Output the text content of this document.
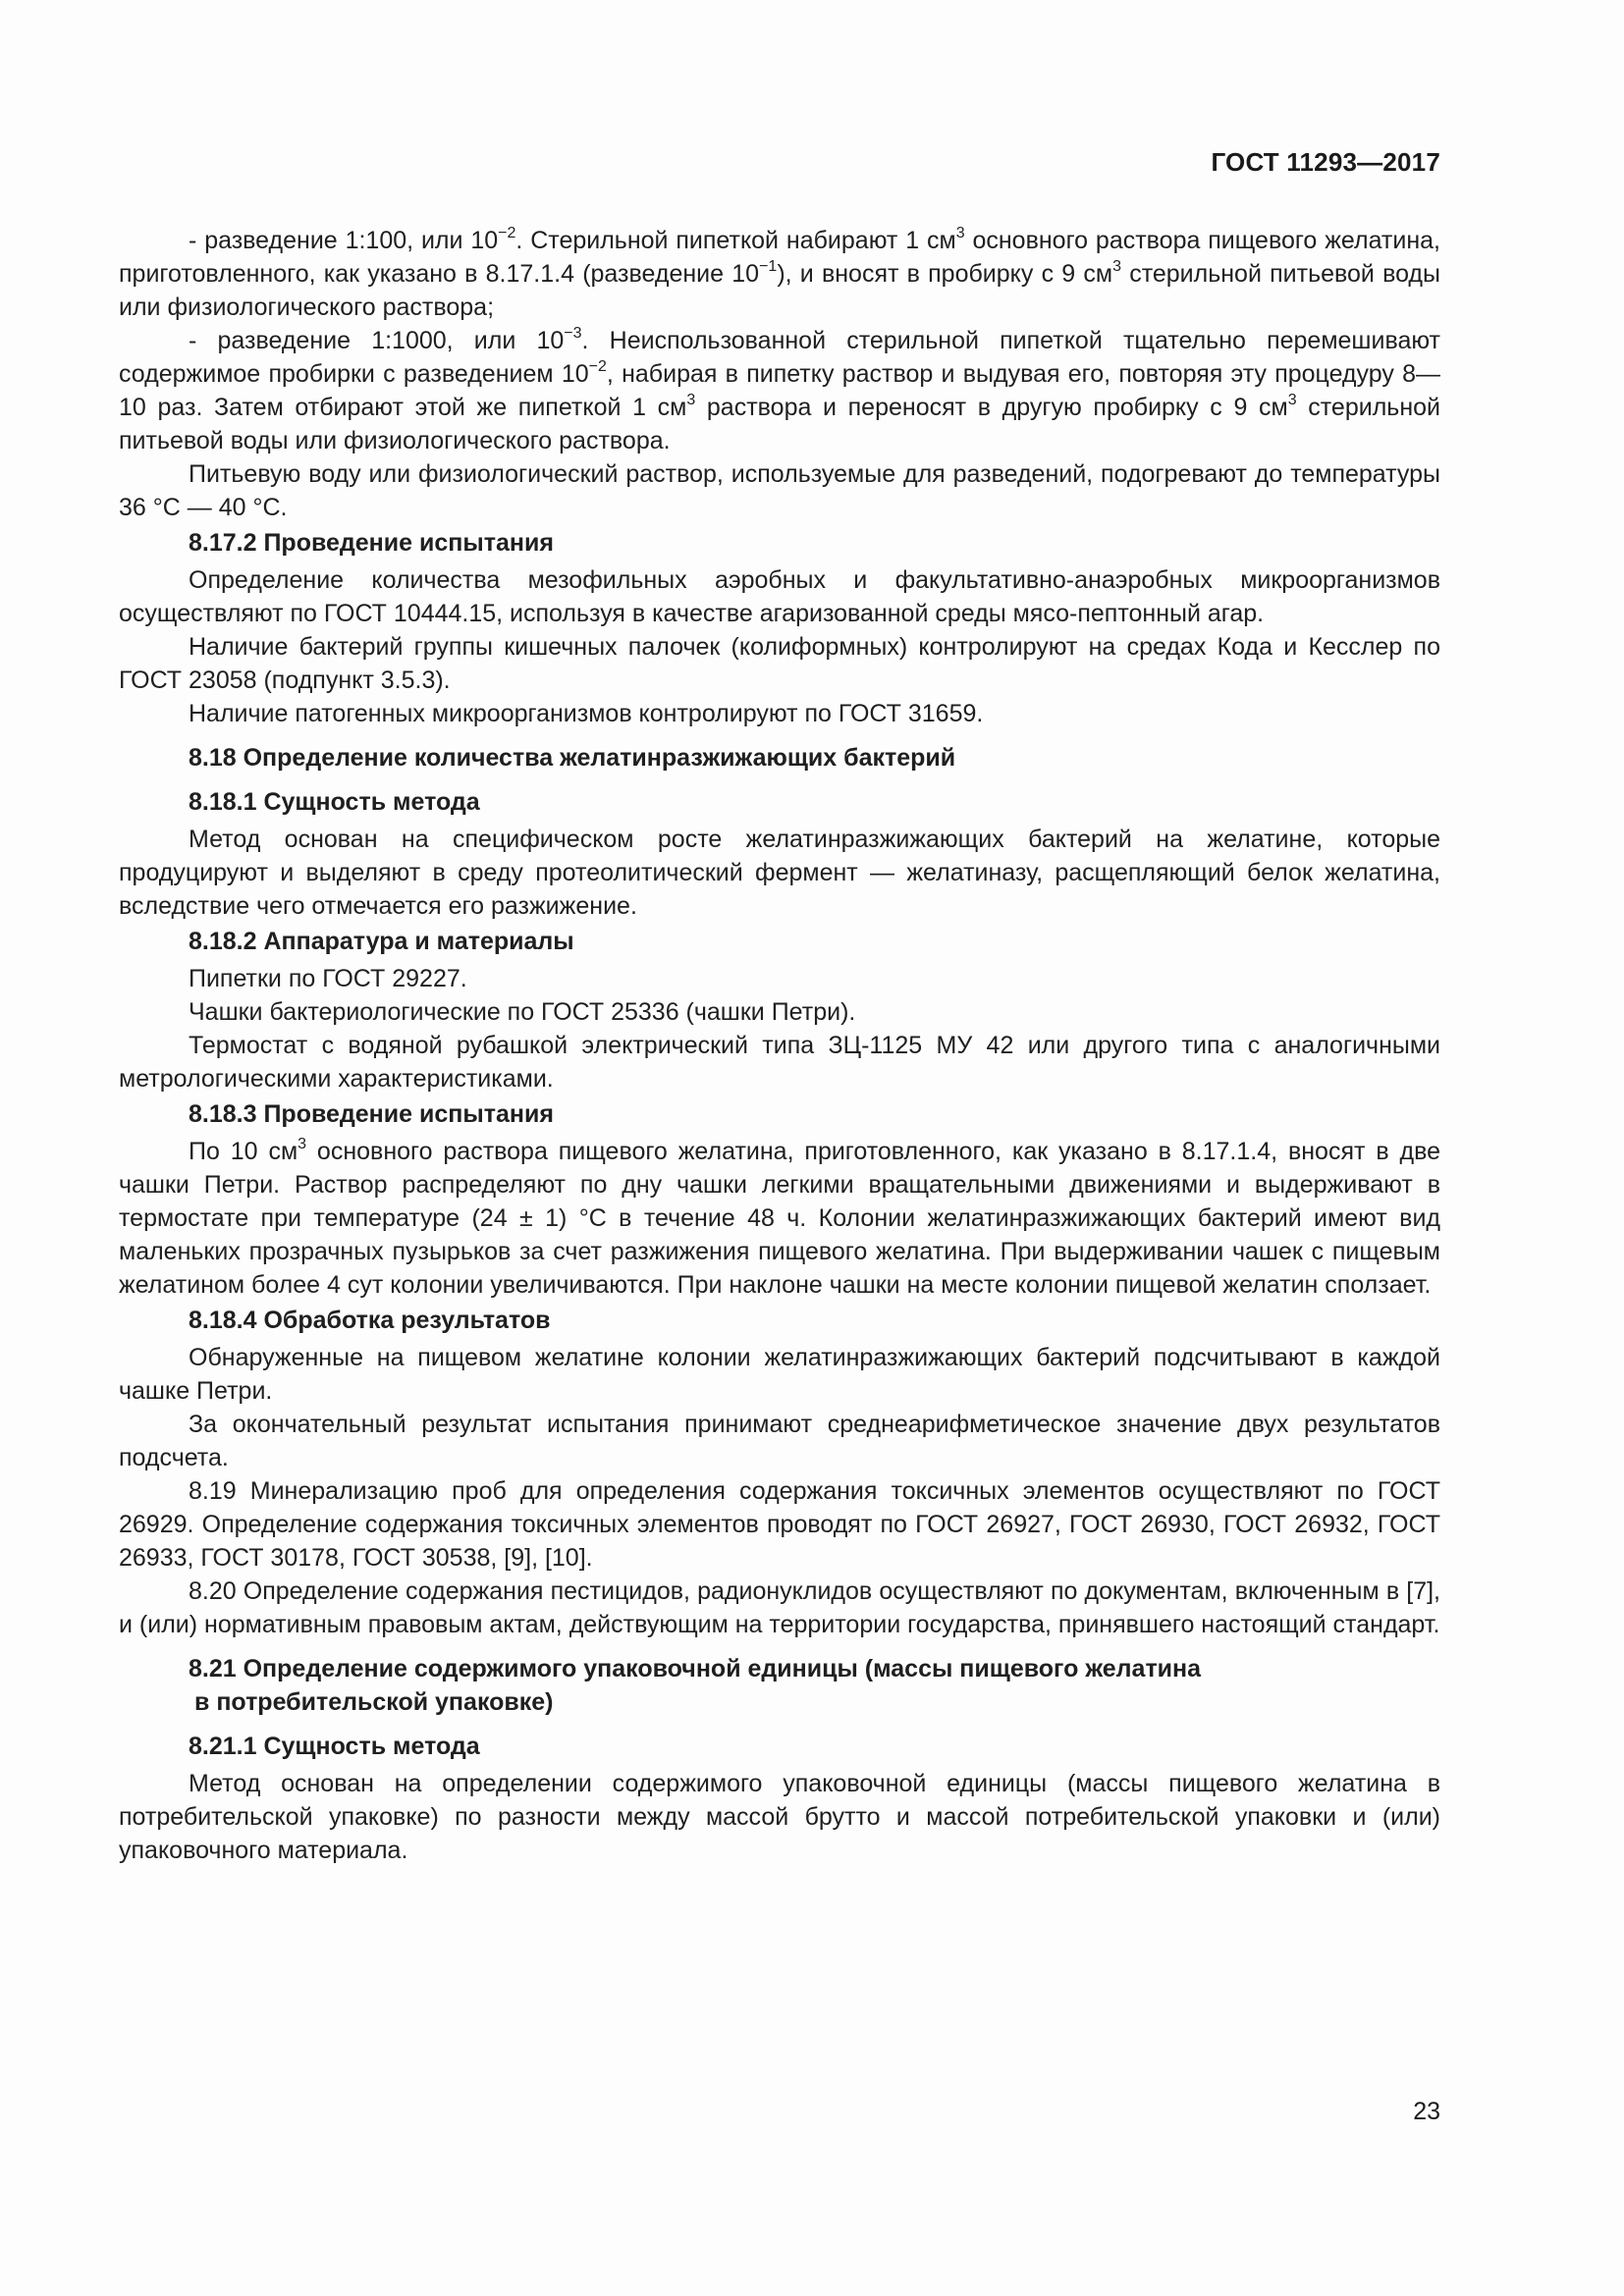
ГОСТ 11293—2017

- разведение 1:100, или $10^{-2}$. Стерильной пипеткой набирают 1 $см^3$ основного раствора пищевого желатина, приготовленного, как указано в 8.17.1.4 (разведение $10^{-1}$), и вносят в пробирку с 9 $см^3$ стерильной питьевой воды или физиологического раствора;

- разведение 1:1000, или $10^{-3}$. Неиспользованной стерильной пипеткой тщательно перемешивают содержимое пробирки с разведением $10^{-2}$, набирая в пипетку раствор и выдувая его, повторяя эту процедуру 8—10 раз. Затем отбирают этой же пипеткой 1 $см^3$ раствора и переносят в другую пробирку с 9 $см^3$ стерильной питьевой воды или физиологического раствора.

Питьевую воду или физиологический раствор, используемые для разведений, подогревают до температуры 36 °С — 40 °С.

8.17.2 Проведение испытания

Определение количества мезофильных аэробных и факультативно-анаэробных микроорганизмов осуществляют по ГОСТ 10444.15, используя в качестве агаризованной среды мясо-пептонный агар.

Наличие бактерий группы кишечных палочек (колиформных) контролируют на средах Кода и Кесслер по ГОСТ 23058 (подпункт 3.5.3).

Наличие патогенных микроорганизмов контролируют по ГОСТ 31659.

8.18 Определение количества желатинразжижающих бактерий
8.18.1 Сущность метода

Метод основан на специфическом росте желатинразжижающих бактерий на желатине, которые продуцируют и выделяют в среду протеолитический фермент — желатиназу, расщепляющий белок желатина, вследствие чего отмечается его разжижение.

8.18.2 Аппаратура и материалы

Пипетки по ГОСТ 29227.

Чашки бактериологические по ГОСТ 25336 (чашки Петри).

Термостат с водяной рубашкой электрический типа ЗЦ-1125 МУ 42 или другого типа с аналогичными метрологическими характеристиками.

8.18.3 Проведение испытания

По 10 $см^3$ основного раствора пищевого желатина, приготовленного, как указано в 8.17.1.4, вносят в две чашки Петри. Раствор распределяют по дну чашки легкими вращательными движениями и выдерживают в термостате при температуре (24 ± 1) °С в течение 48 ч. Колонии желатинразжижающих бактерий имеют вид маленьких прозрачных пузырьков за счет разжижения пищевого желатина. При выдерживании чашек с пищевым желатином более 4 сут колонии увеличиваются. При наклоне чашки на месте колонии пищевой желатин сползает.

8.18.4 Обработка результатов

Обнаруженные на пищевом желатине колонии желатинразжижающих бактерий подсчитывают в каждой чашке Петри.

За окончательный результат испытания принимают среднеарифметическое значение двух результатов подсчета.

8.19 Минерализацию проб для определения содержания токсичных элементов осуществляют по ГОСТ 26929. Определение содержания токсичных элементов проводят по ГОСТ 26927, ГОСТ 26930, ГОСТ 26932, ГОСТ 26933, ГОСТ 30178, ГОСТ 30538, [9], [10].

8.20 Определение содержания пестицидов, радионуклидов осуществляют по документам, включенным в [7], и (или) нормативным правовым актам, действующим на территории государства, принявшего настоящий стандарт.

8.21 Определение содержимого упаковочной единицы (массы пищевого желатина
в потребительской упаковке)
8.21.1 Сущность метода

Метод основан на определении содержимого упаковочной единицы (массы пищевого желатина в потребительской упаковке) по разности между массой брутто и массой потребительской упаковки и (или) упаковочного материала.

23
